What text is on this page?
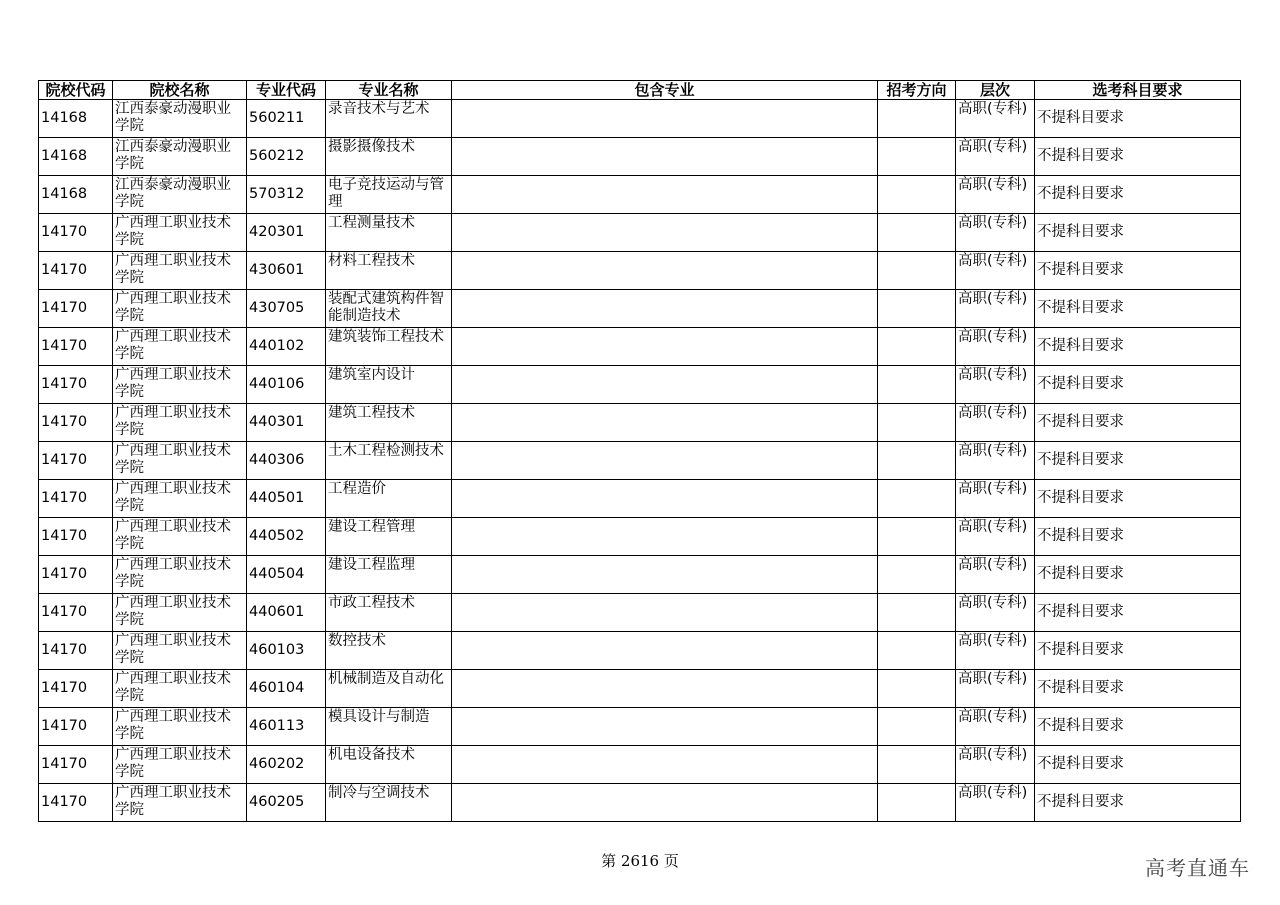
院校代码	院校名称	专业代码	专业名称	包含专业	招考方向	层次	选考科目要求
14168	江西泰豪动漫职业学院	560211	录音技术与艺术			高职(专科)	不提科目要求
14168	江西泰豪动漫职业学院	560212	摄影摄像技术			高职(专科)	不提科目要求
14168	江西泰豪动漫职业学院	570312	电子竞技运动与管理			高职(专科)	不提科目要求
14170	广西理工职业技术学院	420301	工程测量技术			高职(专科)	不提科目要求
14170	广西理工职业技术学院	430601	材料工程技术			高职(专科)	不提科目要求
14170	广西理工职业技术学院	430705	装配式建筑构件智能制造技术			高职(专科)	不提科目要求
14170	广西理工职业技术学院	440102	建筑装饰工程技术			高职(专科)	不提科目要求
14170	广西理工职业技术学院	440106	建筑室内设计			高职(专科)	不提科目要求
14170	广西理工职业技术学院	440301	建筑工程技术			高职(专科)	不提科目要求
14170	广西理工职业技术学院	440306	土木工程检测技术			高职(专科)	不提科目要求
14170	广西理工职业技术学院	440501	工程造价			高职(专科)	不提科目要求
14170	广西理工职业技术学院	440502	建设工程管理			高职(专科)	不提科目要求
14170	广西理工职业技术学院	440504	建设工程监理			高职(专科)	不提科目要求
14170	广西理工职业技术学院	440601	市政工程技术			高职(专科)	不提科目要求
14170	广西理工职业技术学院	460103	数控技术			高职(专科)	不提科目要求
14170	广西理工职业技术学院	460104	机械制造及自动化			高职(专科)	不提科目要求
14170	广西理工职业技术学院	460113	模具设计与制造			高职(专科)	不提科目要求
14170	广西理工职业技术学院	460202	机电设备技术			高职(专科)	不提科目要求
14170	广西理工职业技术学院	460205	制冷与空调技术			高职(专科)	不提科目要求
第 2616 页	高考直通车
